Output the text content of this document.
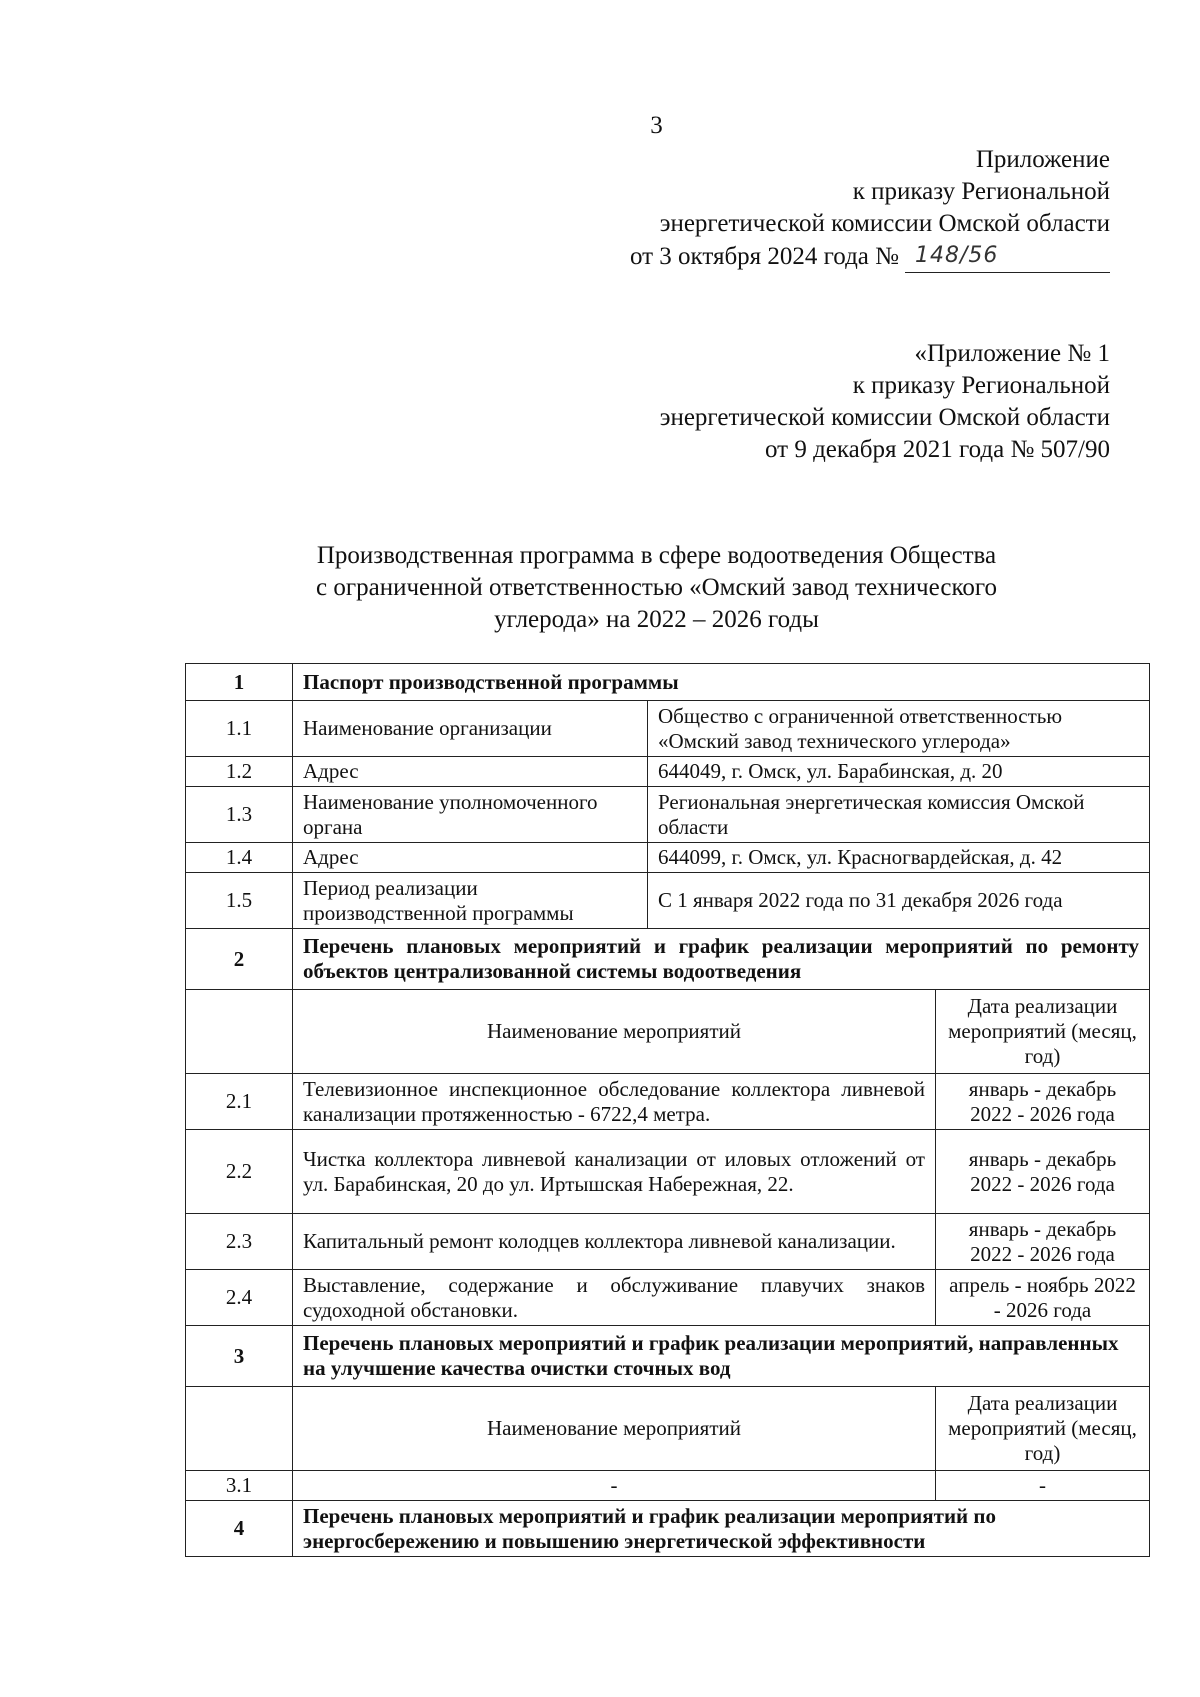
3
Приложение
к приказу Региональной
энергетической комиссии Омской области
от 3 октября 2024 года № 148/56
«Приложение № 1
к приказу Региональной
энергетической комиссии Омской области
от 9 декабря 2021 года № 507/90
Производственная программа в сфере водоотведения Общества
с ограниченной ответственностью «Омский завод технического
углерода» на 2022 – 2026 годы
1	Паспорт производственной программы		
1.1	Наименование организации	Общество с ограниченной ответственностью «Омский завод технического углерода»	
1.2	Адрес	644049, г. Омск, ул. Барабинская, д. 20	
1.3	Наименование уполномоченного органа	Региональная энергетическая комиссия Омской области	
1.4	Адрес	644099, г. Омск, ул. Красногвардейская, д. 42	
1.5	Период реализации производственной программы	С 1 января 2022 года по 31 декабря 2026 года	
2	Перечень плановых мероприятий и график реализации мероприятий по ремонту объектов централизованной системы водоотведения		
	Наименование мероприятий		Дата реализации мероприятий (месяц, год)
2.1	Телевизионное инспекционное обследование коллектора ливневой канализации протяженностью - 6722,4 метра.		январь - декабрь 2022 - 2026 года
2.2	Чистка коллектора ливневой канализации от иловых отложений от ул. Барабинская, 20 до ул. Иртышская Набережная, 22.		январь - декабрь 2022 - 2026 года
2.3	Капитальный ремонт колодцев коллектора ливневой канализации.		январь - декабрь 2022 - 2026 года
2.4	Выставление, содержание и обслуживание плавучих знаков судоходной обстановки.		апрель - ноябрь 2022 - 2026 года
3	Перечень плановых мероприятий и график реализации мероприятий, направленных на улучшение качества очистки сточных вод		
	Наименование мероприятий		Дата реализации мероприятий (месяц, год)
3.1	-		-
4	Перечень плановых мероприятий и график реализации мероприятий по энергосбережению и повышению энергетической эффективности		
